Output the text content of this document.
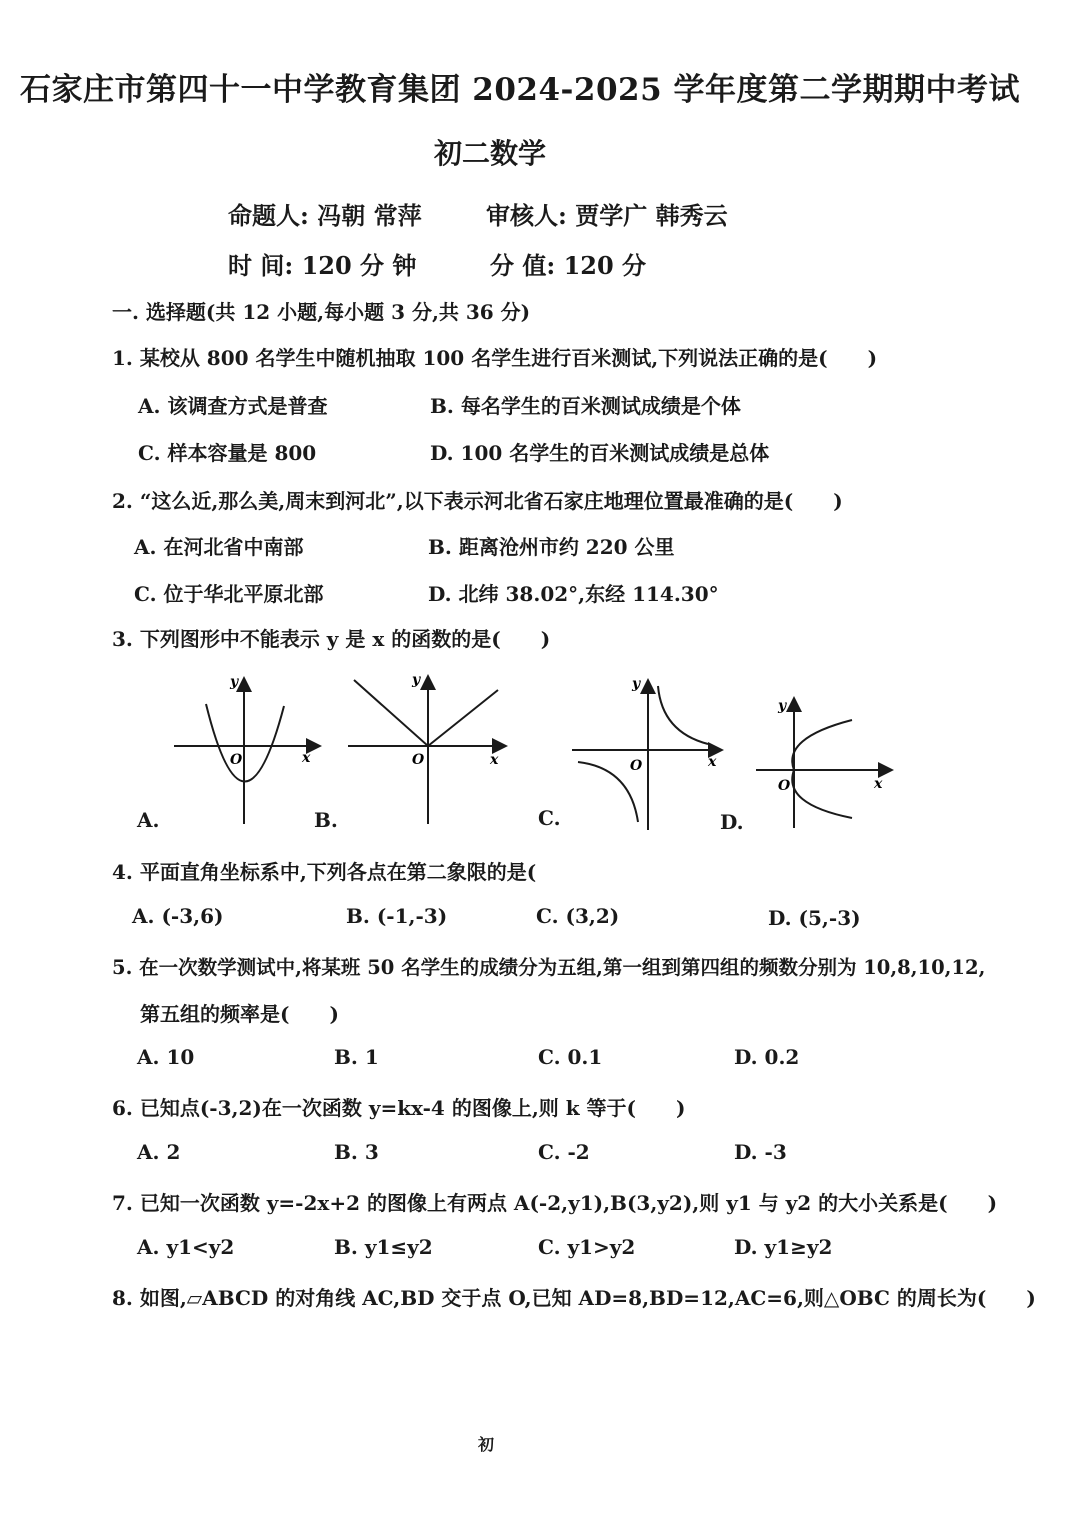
石家庄市第四十一中学教育集团 2024-2025 学年度第二学期期中考试
初二数学
命题人: 冯朝 常萍	审核人: 贾学广 韩秀云
时 间: 120 分 钟	分 值: 120 分
一. 选择题(共 12 小题,每小题 3 分,共 36 分)
1. 某校从 800 名学生中随机抽取 100 名学生进行百米测试,下列说法正确的是(　　)
A. 该调查方式是普查	B. 每名学生的百米测试成绩是个体
C. 样本容量是 800	D. 100 名学生的百米测试成绩是总体
2. “这么近,那么美,周末到河北”,以下表示河北省石家庄地理位置最准确的是(　　)
A. 在河北省中南部	B. 距离沧州市约 220 公里
C. 位于华北平原北部	D. 北纬 38.02°,东经 114.30°
3. 下列图形中不能表示 y 是 x 的函数的是(　　)
y
x
O
A.
y
x
O
B.
y
x
O
C.
y
x
O
D.
4. 平面直角坐标系中,下列各点在第二象限的是(
A. (-3,6)	B. (-1,-3)	C. (3,2)	D. (5,-3)
5. 在一次数学测试中,将某班 50 名学生的成绩分为五组,第一组到第四组的频数分别为 10,8,10,12,
第五组的频率是(　　)
A. 10	B. 1	C. 0.1	D. 0.2
6. 已知点(-3,2)在一次函数 y=kx-4 的图像上,则 k 等于(　　)
A. 2	B. 3	C. -2	D. -3
7. 已知一次函数 y=-2x+2 的图像上有两点 A(-2,y1),B(3,y2),则 y1 与 y2 的大小关系是(　　)
A. y1<y2	B. y1≤y2	C. y1>y2	D. y1≥y2
8. 如图,▱ABCD 的对角线 AC,BD 交于点 O,已知 AD=8,BD=12,AC=6,则△OBC 的周长为(　　)
初
